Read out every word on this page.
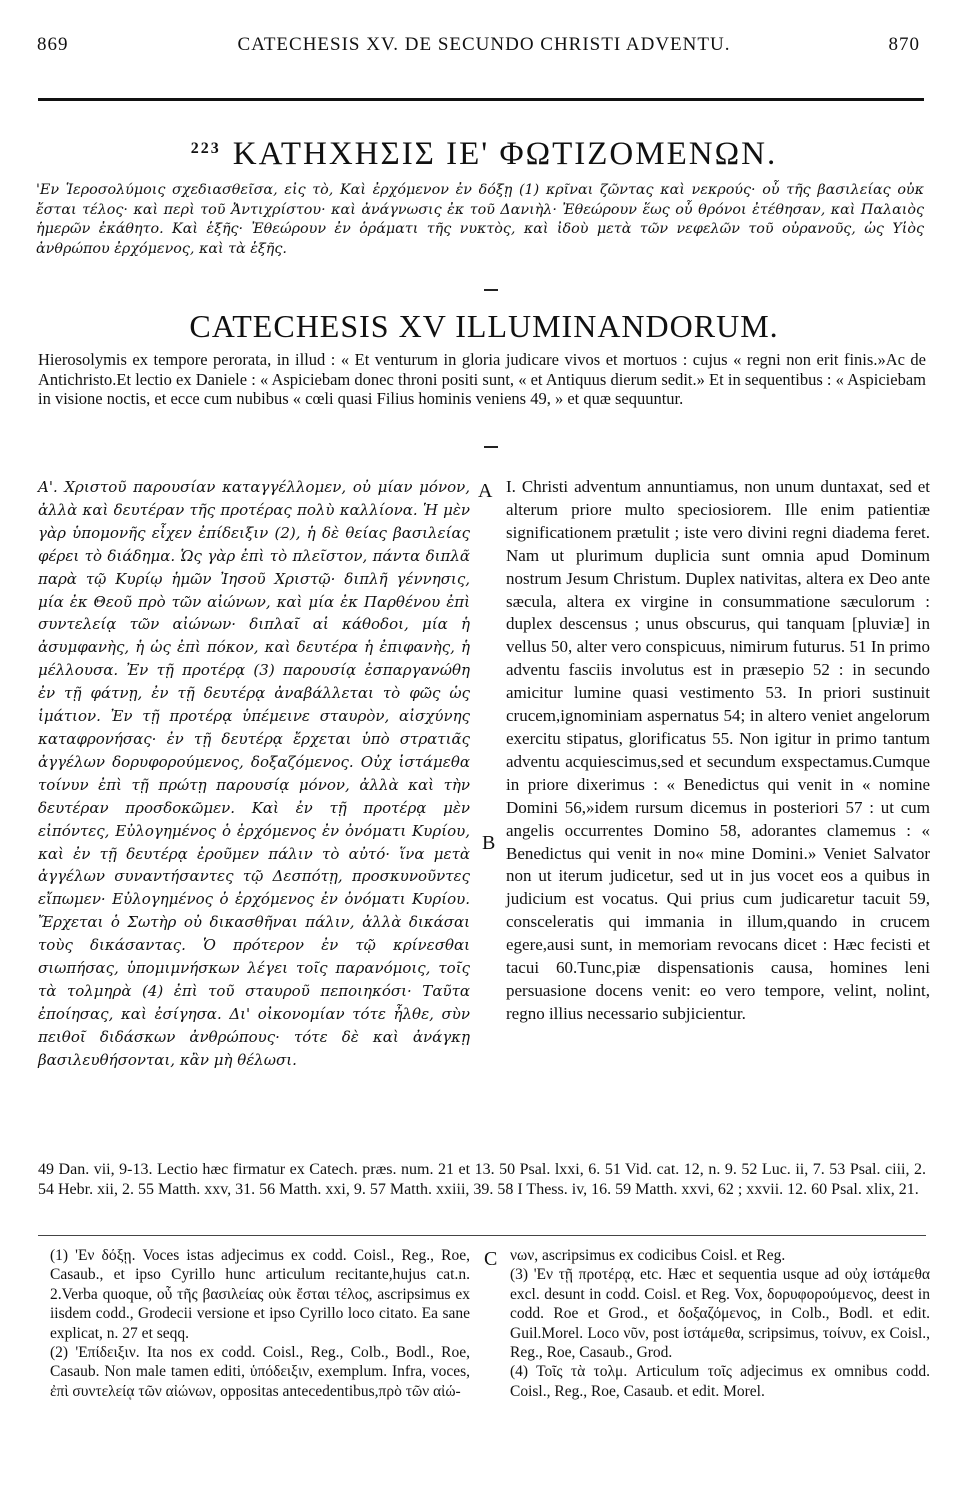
869	CATECHESIS XV. DE SECUNDO CHRISTI ADVENTU.	870
$^{223}$ ΚΑΤΗΧΗΣΙΣ ΙΕ' ΦΩΤΙΖΟΜΕΝΩΝ.
'Εν Ἱεροσολύμοις σχεδιασθεῖσα, εἰς τὸ, Καὶ ἐρχόμενον ἐν δόξῃ (1) κρῖναι ζῶντας καὶ νεκρούς· οὗ τῆς βασιλείας οὐκ ἔσται τέλος· καὶ περὶ τοῦ Ἀντιχρίστου· καὶ ἀνάγνωσις ἐκ τοῦ Δανιὴλ· Ἐθεώρουν ἕως οὗ θρόνοι ἐτέθησαν, καὶ Παλαιὸς ἡμερῶν ἐκάθητο. Καὶ ἑξῆς· Ἐθεώρουν ἐν ὁράματι τῆς νυκτὸς, καὶ ἰδοὺ μετὰ τῶν νεφελῶν τοῦ οὐρανοῦς, ὡς Υἱὸς ἀνθρώπου ἐρχόμενος, καὶ τὰ ἑξῆς.
CATECHESIS XV ILLUMINANDORUM.

Hierosolymis ex tempore perorata, in illud : « Et venturum in gloria judicare vivos et mortuos : cujus « regni non erit finis.»Ac de Antichristo.Et lectio ex Daniele : « Aspiciebam donec throni positi sunt, « et Antiquus dierum sedit.» Et in sequentibus : « Aspiciebam in visione noctis, et ecce cum nubibus « cœli quasi Filius hominis veniens 49, » et quæ sequuntur.

Α'. Χριστοῦ παρουσίαν καταγγέλλομεν, οὐ μίαν μόνον, ἀλλὰ καὶ δευτέραν τῆς προτέρας πολὺ καλλίονα. Ἡ μὲν γὰρ ὑπομονῆς εἶχεν ἐπίδειξιν (2), ἡ δὲ θείας βασιλείας φέρει τὸ διάδημα. Ὡς γὰρ ἐπὶ τὸ πλεῖστον, πάντα διπλᾶ παρὰ τῷ Κυρίῳ ἡμῶν Ἰησοῦ Χριστῷ· διπλῆ γέννησις, μία ἐκ Θεοῦ πρὸ τῶν αἰώνων, καὶ μία ἐκ Παρθένου ἐπὶ συντελείᾳ τῶν αἰώνων· διπλαῖ αἱ κάθοδοι, μία ἡ ἀσυμφανὴς, ἡ ὡς ἐπὶ πόκον, καὶ δευτέρα ἡ ἐπιφανὴς, ἡ μέλλουσα. Ἐν τῇ προτέρᾳ (3) παρουσίᾳ ἐσπαργανώθη ἐν τῇ φάτνῃ, ἐν τῇ δευτέρᾳ ἀναβάλλεται τὸ φῶς ὡς ἱμάτιον. Ἐν τῇ προτέρᾳ ὑπέμεινε σταυρὸν, αἰσχύνης καταφρονήσας· ἐν τῇ δευτέρᾳ ἔρχεται ὑπὸ στρατιᾶς ἀγγέλων δορυφορούμενος, δοξαζόμενος. Οὐχ ἱστάμεθα τοίνυν ἐπὶ τῇ πρώτῃ παρουσίᾳ μόνον, ἀλλὰ καὶ τὴν δευτέραν προσδοκῶμεν. Καὶ ἐν τῇ προτέρᾳ μὲν εἰπόντες, Εὐλογημένος ὁ ἐρχόμενος ἐν ὀνόματι Κυρίου, καὶ ἐν τῇ δευτέρᾳ ἐροῦμεν πάλιν τὸ αὐτό· ἵνα μετὰ ἀγγέλων συναντήσαντες τῷ Δεσπότῃ, προσκυνοῦντες εἴπωμεν· Εὐλογημένος ὁ ἐρχόμενος ἐν ὀνόματι Κυρίου. Ἔρχεται ὁ Σωτὴρ οὐ δικασθῆναι πάλιν, ἀλλὰ δικάσαι τοὺς δικάσαντας. Ὁ πρότερον ἐν τῷ κρίνεσθαι σιωπήσας, ὑπομιμνήσκων λέγει τοῖς παρανόμοις, τοῖς τὰ τολμηρὰ (4) ἐπὶ τοῦ σταυροῦ πεποιηκόσι· Ταῦτα ἐποίησας, καὶ ἐσίγησα. Δι' οἰκονομίαν τότε ἦλθε, σὺν πειθοῖ διδάσκων ἀνθρώπους· τότε δὲ καὶ ἀνάγκῃ βασιλευθήσονται, κἂν μὴ θέλωσι.
A
B
I. Christi adventum annuntiamus, non unum duntaxat, sed et alterum priore multo speciosiorem. Ille enim patientiæ significationem prætulit ; iste vero divini regni diadema feret. Nam ut plurimum duplicia sunt omnia apud Dominum nostrum Jesum Christum. Duplex nativitas, altera ex Deo ante sæcula, altera ex virgine in consummatione sæculorum : duplex descensus ; unus obscurus, qui tanquam [pluviæ] in vellus 50, alter vero conspicuus, nimirum futurus. 51 In primo adventu fasciis involutus est in præsepio 52 : in secundo amicitur lumine quasi vestimento 53. In priori sustinuit crucem,ignominiam aspernatus 54; in altero veniet angelorum exercitu stipatus, glorificatus 55. Non igitur in primo tantum adventu acquiescimus,sed et secundum exspectamus.Cumque in priore dixerimus : « Benedictus qui venit in « nomine Domini 56,»idem rursum dicemus in posteriori 57 : ut cum angelis occurrentes Domino 58, adorantes clamemus : « Benedictus qui venit in no« mine Domini.» Veniet Salvator non ut iterum judicetur, sed ut in jus vocet eos a quibus in judicium est vocatus. Qui prius cum judicaretur tacuit 59, consceleratis qui immania in illum,quando in crucem egere,ausi sunt, in memoriam revocans dicet : Hæc fecisti et tacui 60.Tunc,piæ dispensationis causa, homines leni persuasione docens venit: eo vero tempore, velint, nolint, regno illius necessario subjicientur.
49 Dan. vii, 9-13. Lectio hæc firmatur ex Catech. præs. num. 21 et 13. 50 Psal. lxxi, 6. 51 Vid. cat. 12, n. 9. 52 Luc. ii, 7. 53 Psal. ciii, 2. 54 Hebr. xii, 2. 55 Matth. xxv, 31. 56 Matth. xxi, 9. 57 Matth. xxiii, 39. 58 I Thess. iv, 16. 59 Matth. xxvi, 62 ; xxvii. 12. 60 Psal. xlix, 21.

(1) 'Εν δόξῃ. Voces istas adjecimus ex codd. Coisl., Reg., Roe, Casaub., et ipso Cyrillo hunc articulum recitante,hujus cat.n. 2.Verba quoque, οὗ τῆς βασιλείας οὐκ ἔσται τέλος, ascripsimus ex iisdem codd., Grodecii versione et ipso Cyrillo loco citato. Ea sane explicat, n. 27 et seqq.

(2) 'Επίδειξιν. Ita nos ex codd. Coisl., Reg., Colb., Bodl., Roe, Casaub. Non male tamen editi, ὑπόδειξιν, exemplum. Infra, voces, ἐπὶ συντελείᾳ τῶν αἰώνων, oppositas antecedentibus,πρὸ τῶν αἰώ-

C νων, ascripsimus ex codicibus Coisl. et Reg.

(3) 'Εν τῇ προτέρᾳ, etc. Hæc et sequentia usque ad οὐχ ἱστάμεθα excl. desunt in codd. Coisl. et Reg. Vox, δορυφορούμενος, deest in codd. Roe et Grod., et δοξαζόμενος, in Colb., Bodl. et edit. Guil.Morel. Loco νῦν, post ἱστάμεθα, scripsimus, τοίνυν, ex Coisl., Reg., Roe, Casaub., Grod.

(4) Τοῖς τὰ τολμ. Articulum τοῖς adjecimus ex omnibus codd. Coisl., Reg., Roe, Casaub. et edit. Morel.
